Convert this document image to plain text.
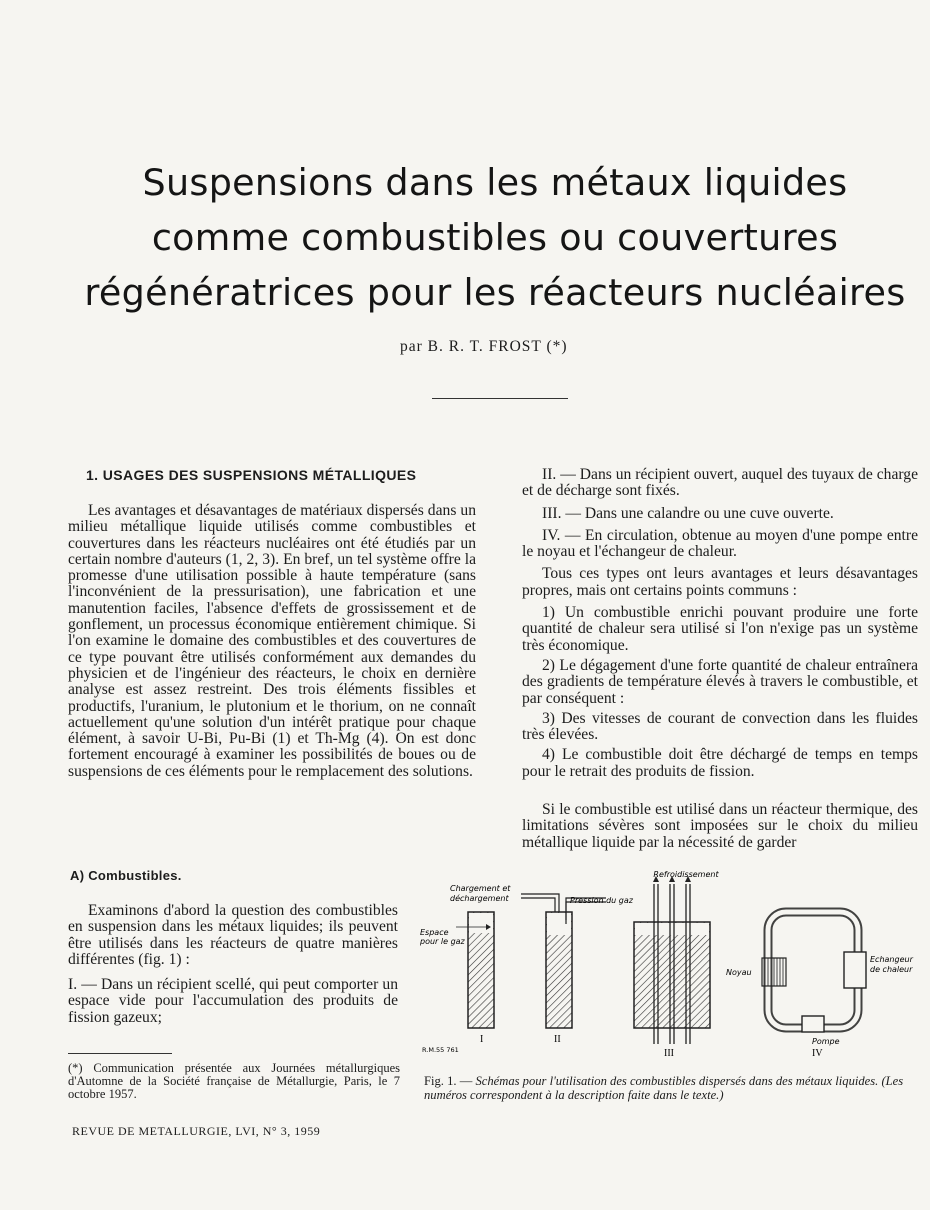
Suspensions dans les métaux liquides
comme combustibles ou couvertures
régénératrices pour les réacteurs nucléaires
par B. R. T. FROST (*)
1. USAGES DES SUSPENSIONS MÉTALLIQUES

Les avantages et désavantages de matériaux dispersés dans un milieu métallique liquide utilisés comme combustibles et couvertures dans les réacteurs nucléaires ont été étudiés par un certain nombre d'auteurs (1, 2, 3). En bref, un tel système offre la promesse d'une utilisation possible à haute température (sans l'inconvénient de la pressurisation), une fabrication et une manutention faciles, l'absence d'effets de grossissement et de gonflement, un processus économique entièrement chimique. Si l'on examine le domaine des combustibles et des couvertures de ce type pouvant être utilisés conformément aux demandes du physicien et de l'ingénieur des réacteurs, le choix en dernière analyse est assez restreint. Des trois éléments fissibles et productifs, l'uranium, le plutonium et le thorium, on ne connaît actuellement qu'une solution d'un intérêt pratique pour chaque élément, à savoir U-Bi, Pu-Bi (1) et Th-Mg (4). On est donc fortement encouragé à examiner les possibilités de boues ou de suspensions de ces éléments pour le remplacement des solutions.

A) Combustibles.

Examinons d'abord la question des combustibles en suspension dans les métaux liquides; ils peuvent être utilisés dans les réacteurs de quatre manières différentes (fig. 1) :

I. — Dans un récipient scellé, qui peut comporter un espace vide pour l'accumulation des produits de fission gazeux;

II. — Dans un récipient ouvert, auquel des tuyaux de charge et de décharge sont fixés.

III. — Dans une calandre ou une cuve ouverte.

IV. — En circulation, obtenue au moyen d'une pompe entre le noyau et l'échangeur de chaleur.

Tous ces types ont leurs avantages et leurs désavantages propres, mais ont certains points communs :

1) Un combustible enrichi pouvant produire une forte quantité de chaleur sera utilisé si l'on n'exige pas un système très économique.

2) Le dégagement d'une forte quantité de chaleur entraînera des gradients de température élevés à travers le combustible, et par conséquent :

3) Des vitesses de courant de convection dans les fluides très élevées.

4) Le combustible doit être déchargé de temps en temps pour le retrait des produits de fission.

Si le combustible est utilisé dans un réacteur thermique, des limitations sévères sont imposées sur le choix du milieu métallique liquide par la nécessité de garder

(*) Communication présentée aux Journées métallurgiques d'Automne de la Société française de Métallurgie, Paris, le 7 octobre 1957.
REVUE DE METALLURGIE, LVI, N° 3, 1959
Refroidissement
Chargement et
déchargement	Pression du gaz
Espace
pour le gaz
Noyau
Echangeur
de chaleur
Pompe
R.M.55 761
I	II
III	IV
Fig. 1. — Schémas pour l'utilisation des combustibles dispersés dans des métaux liquides. (Les numéros correspondent à la description faite dans le texte.)
